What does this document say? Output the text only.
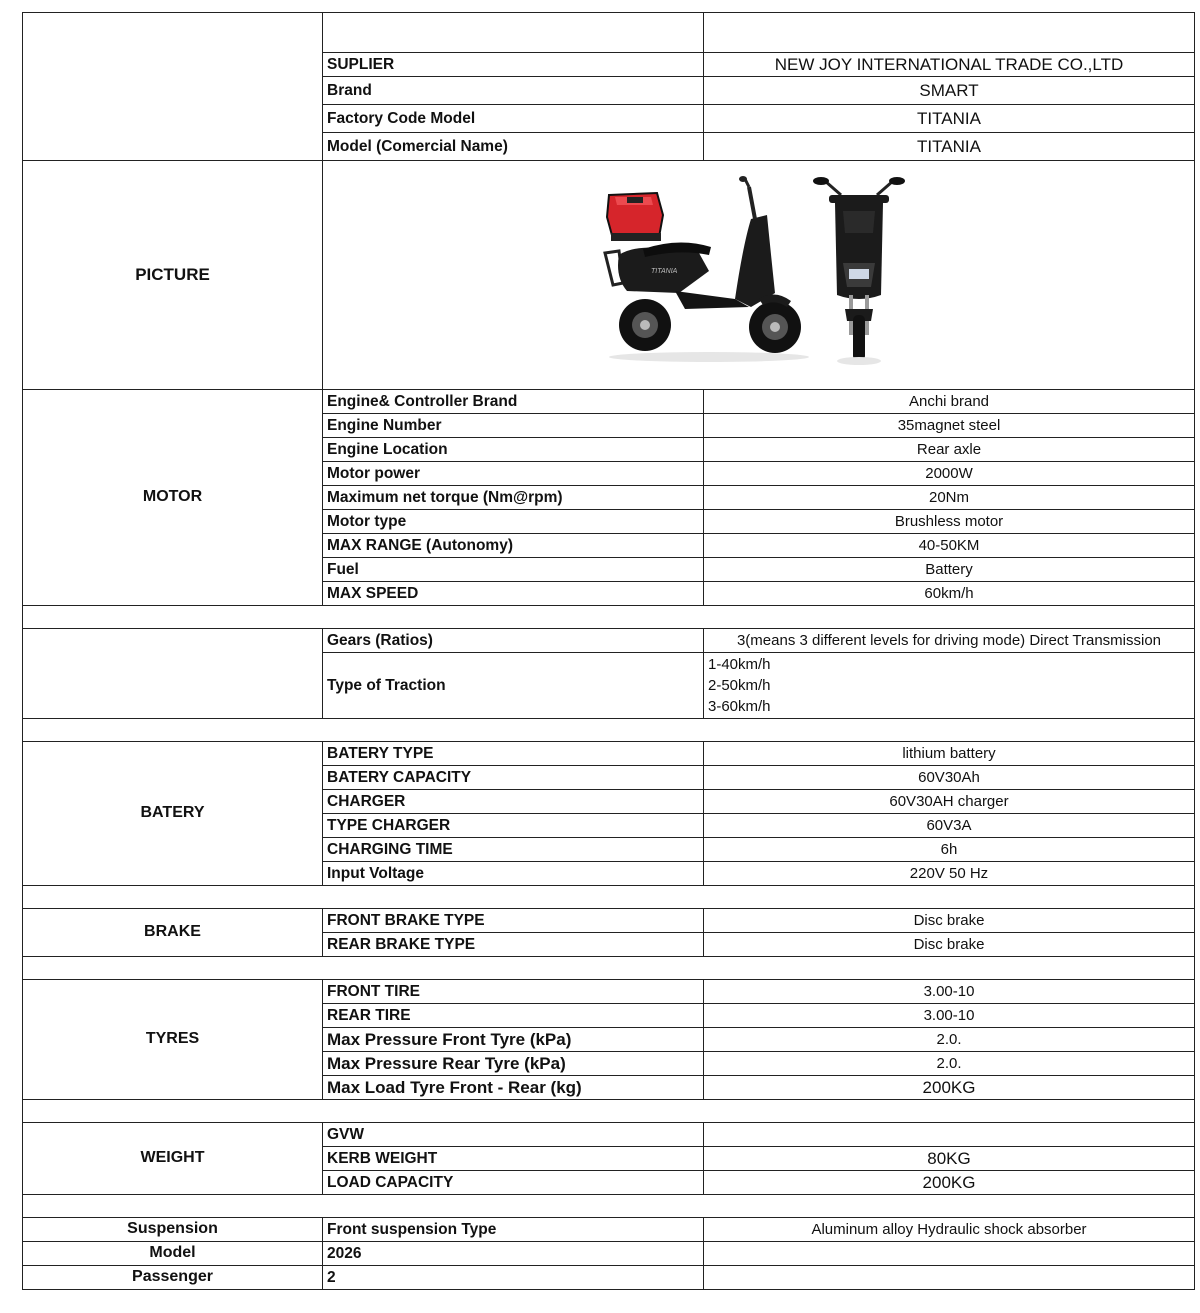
	SUPLIER	NEW JOY INTERNATIONAL TRADE CO.,LTD
	Brand	SMART
	Factory Code Model	TITANIA
	Model (Comercial Name)	TITANIA
PICTURE	TITANIA	

MOTOR	Engine& Controller Brand	Anchi brand
	Engine Number	35magnet steel
	Engine Location	Rear axle
	Motor power	2000W
	Maximum net torque (Nm@rpm)	20Nm
	Motor type	Brushless motor
	MAX RANGE (Autonomy)	40-50KM
	Fuel	Battery
	MAX SPEED	60km/h

	Gears (Ratios)	3(means 3 different levels for driving mode) Direct Transmission
	Type of Traction	1-40km/h
2-50km/h
3-60km/h

BATERY	BATERY TYPE	lithium battery
	BATERY CAPACITY	60V30Ah
	CHARGER	60V30AH charger
	TYPE CHARGER	60V3A
	CHARGING TIME	6h
	Input Voltage	220V 50 Hz

BRAKE	FRONT BRAKE TYPE	Disc brake
	REAR BRAKE TYPE	Disc brake

TYRES	FRONT TIRE	3.00-10
	REAR TIRE	3.00-10
	Max Pressure Front Tyre (kPa)	2.0.
	Max Pressure Rear Tyre (kPa)	2.0.
	Max Load Tyre Front - Rear (kg)	200KG

WEIGHT	GVW	
	KERB WEIGHT	80KG
	LOAD CAPACITY	200KG

Suspension	Front suspension Type	Aluminum alloy Hydraulic shock absorber
Model	2026	
Passenger	2	
